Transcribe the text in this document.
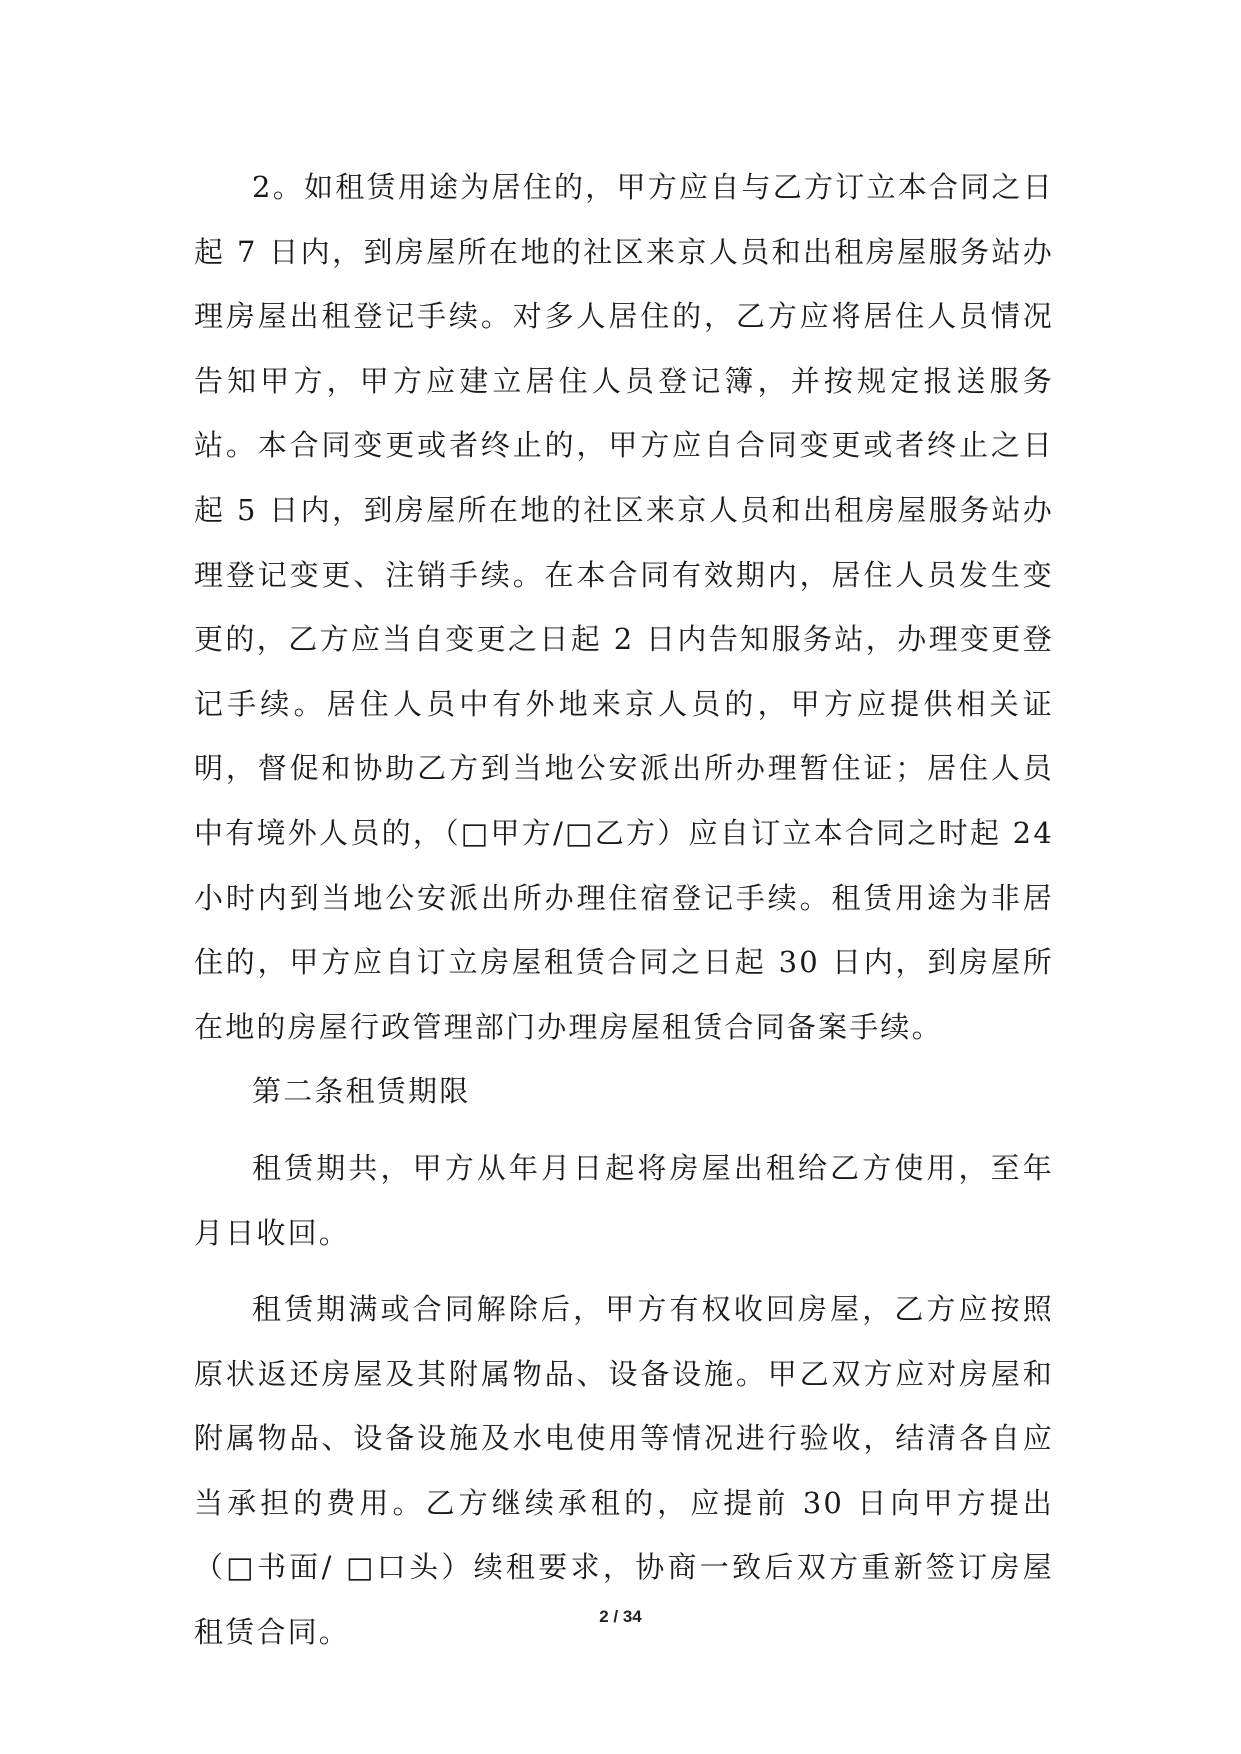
2。如租赁用途为居住的，甲方应自与乙方订立本合同之日起 7 日内，到房屋所在地的社区来京人员和出租房屋服务站办理房屋出租登记手续。对多人居住的，乙方应将居住人员情况告知甲方，甲方应建立居住人员登记簿，并按规定报送服务站。本合同变更或者终止的，甲方应自合同变更或者终止之日起 5 日内，到房屋所在地的社区来京人员和出租房屋服务站办理登记变更、注销手续。在本合同有效期内，居住人员发生变更的，乙方应当自变更之日起 2 日内告知服务站，办理变更登记手续。居住人员中有外地来京人员的，甲方应提供相关证明，督促和协助乙方到当地公安派出所办理暂住证；居住人员中有境外人员的，（□甲方/□乙方）应自订立本合同之时起 24 小时内到当地公安派出所办理住宿登记手续。租赁用途为非居住的，甲方应自订立房屋租赁合同之日起 30 日内，到房屋所在地的房屋行政管理部门办理房屋租赁合同备案手续。

第二条租赁期限

租赁期共，甲方从年月日起将房屋出租给乙方使用，至年月日收回。

租赁期满或合同解除后，甲方有权收回房屋，乙方应按照原状返还房屋及其附属物品、设备设施。甲乙双方应对房屋和附属物品、设备设施及水电使用等情况进行验收，结清各自应当承担的费用。乙方继续承租的，应提前 30 日向甲方提出（□书面/ □口头）续租要求，协商一致后双方重新签订房屋租赁合同。	2 / 34
